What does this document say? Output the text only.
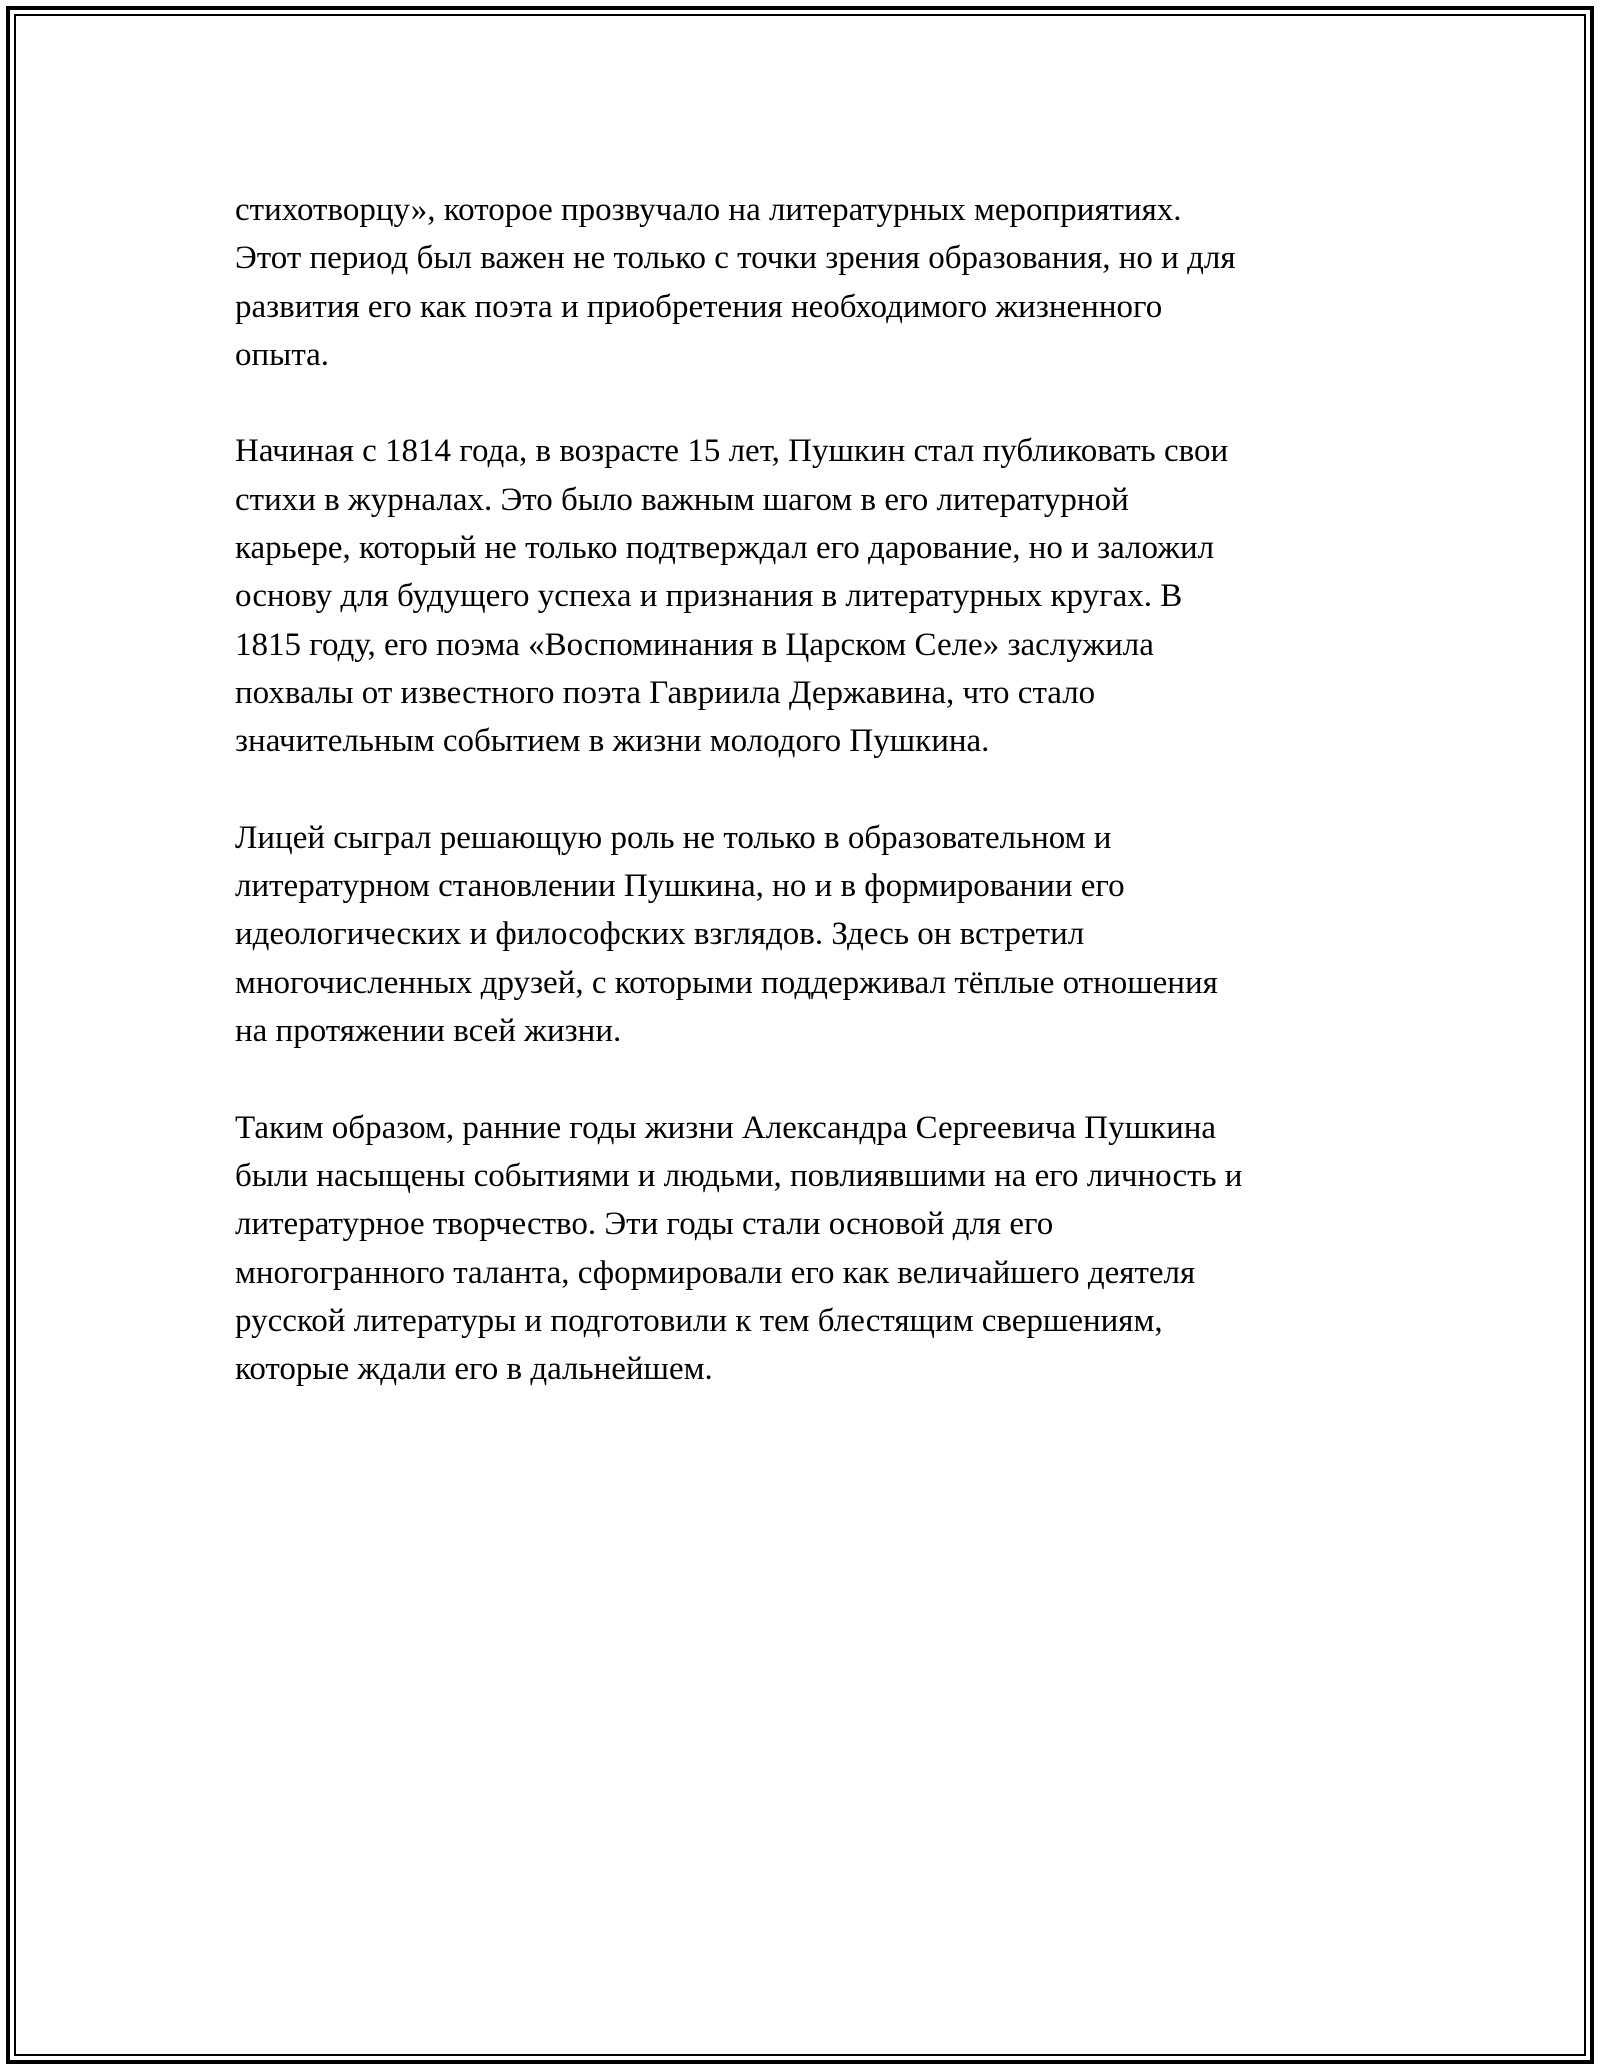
стихотворцу», которое прозвучало на литературных мероприятиях.
Этот период был важен не только с точки зрения образования, но и для
развития его как поэта и приобретения необходимого жизненного
опыта.

Начиная с 1814 года, в возрасте 15 лет, Пушкин стал публиковать свои
стихи в журналах. Это было важным шагом в его литературной
карьере, который не только подтверждал его дарование, но и заложил
основу для будущего успеха и признания в литературных кругах. В
1815 году, его поэма «Воспоминания в Царском Селе» заслужила
похвалы от известного поэта Гавриила Державина, что стало
значительным событием в жизни молодого Пушкина.

Лицей сыграл решающую роль не только в образовательном и
литературном становлении Пушкина, но и в формировании его
идеологических и философских взглядов. Здесь он встретил
многочисленных друзей, с которыми поддерживал тёплые отношения
на протяжении всей жизни.

Таким образом, ранние годы жизни Александра Сергеевича Пушкина
были насыщены событиями и людьми, повлиявшими на его личность и
литературное творчество. Эти годы стали основой для его
многогранного таланта, сформировали его как величайшего деятеля
русской литературы и подготовили к тем блестящим свершениям,
которые ждали его в дальнейшем.
